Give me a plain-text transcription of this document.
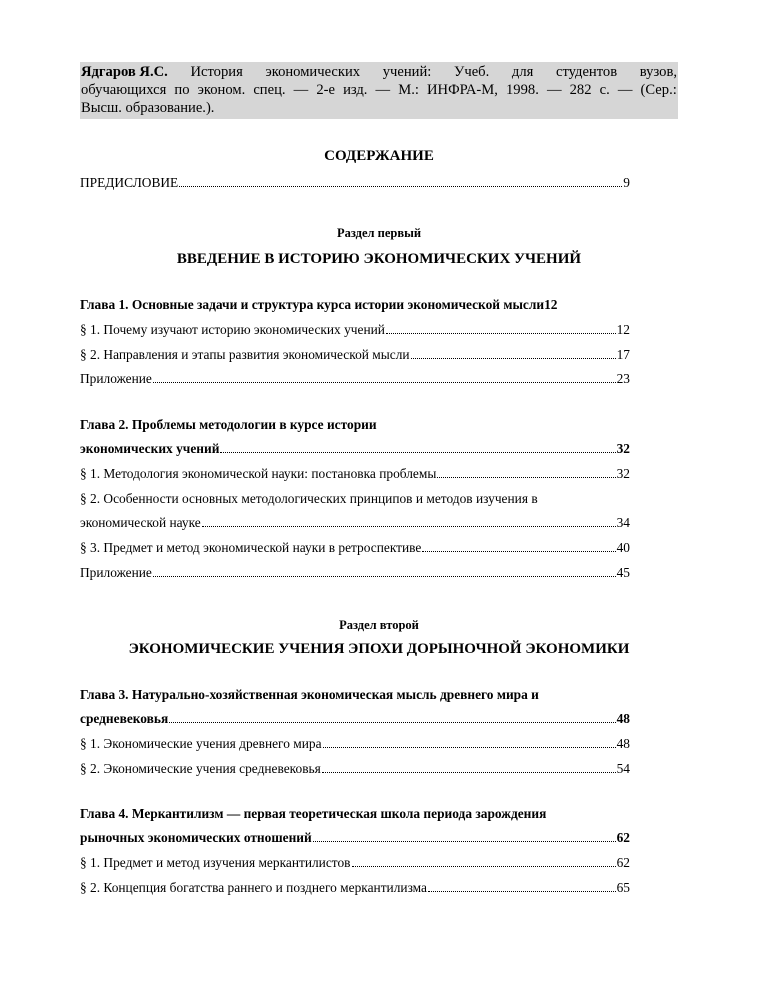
Ядгаров Я.С. История экономических учений: Учеб. для студентов вузов,
обучающихся по эконом. спец. — 2-е изд. — М.: ИНФРА-М, 1998. — 282 с. — (Сер.:
Высш. образование.).
СОДЕРЖАНИЕ
ПРЕДИСЛОВИЕ	9
Раздел первый
ВВЕДЕНИЕ В ИСТОРИЮ ЭКОНОМИЧЕСКИХ УЧЕНИЙ
Глава 1. Основные задачи и структура курса истории экономической мысли 12
§ 1. Почему изучают историю экономических учений	12
§ 2. Направления и этапы развития экономической мысли	17
Приложение	23
Глава 2. Проблемы методологии в курсе истории
экономических учений	32
§ 1. Методология экономической науки: постановка проблемы	32
§ 2. Особенности основных методологических принципов и методов изучения в
экономической науке	34
§ 3. Предмет и метод экономической науки в ретроспективе	40
Приложение	45
Раздел второй
ЭКОНОМИЧЕСКИЕ УЧЕНИЯ ЭПОХИ ДОРЫНОЧНОЙ ЭКОНОМИКИ
Глава 3. Натурально-хозяйственная экономическая мысль древнего мира и
средневековья	48
§ 1. Экономические учения древнего мира	48
§ 2. Экономические учения средневековья	54
Глава 4. Меркантилизм — первая теоретическая школа периода зарождения
рыночных экономических отношений	62
§ 1. Предмет и метод изучения меркантилистов	62
§ 2. Концепция богатства раннего и позднего меркантилизма	65
